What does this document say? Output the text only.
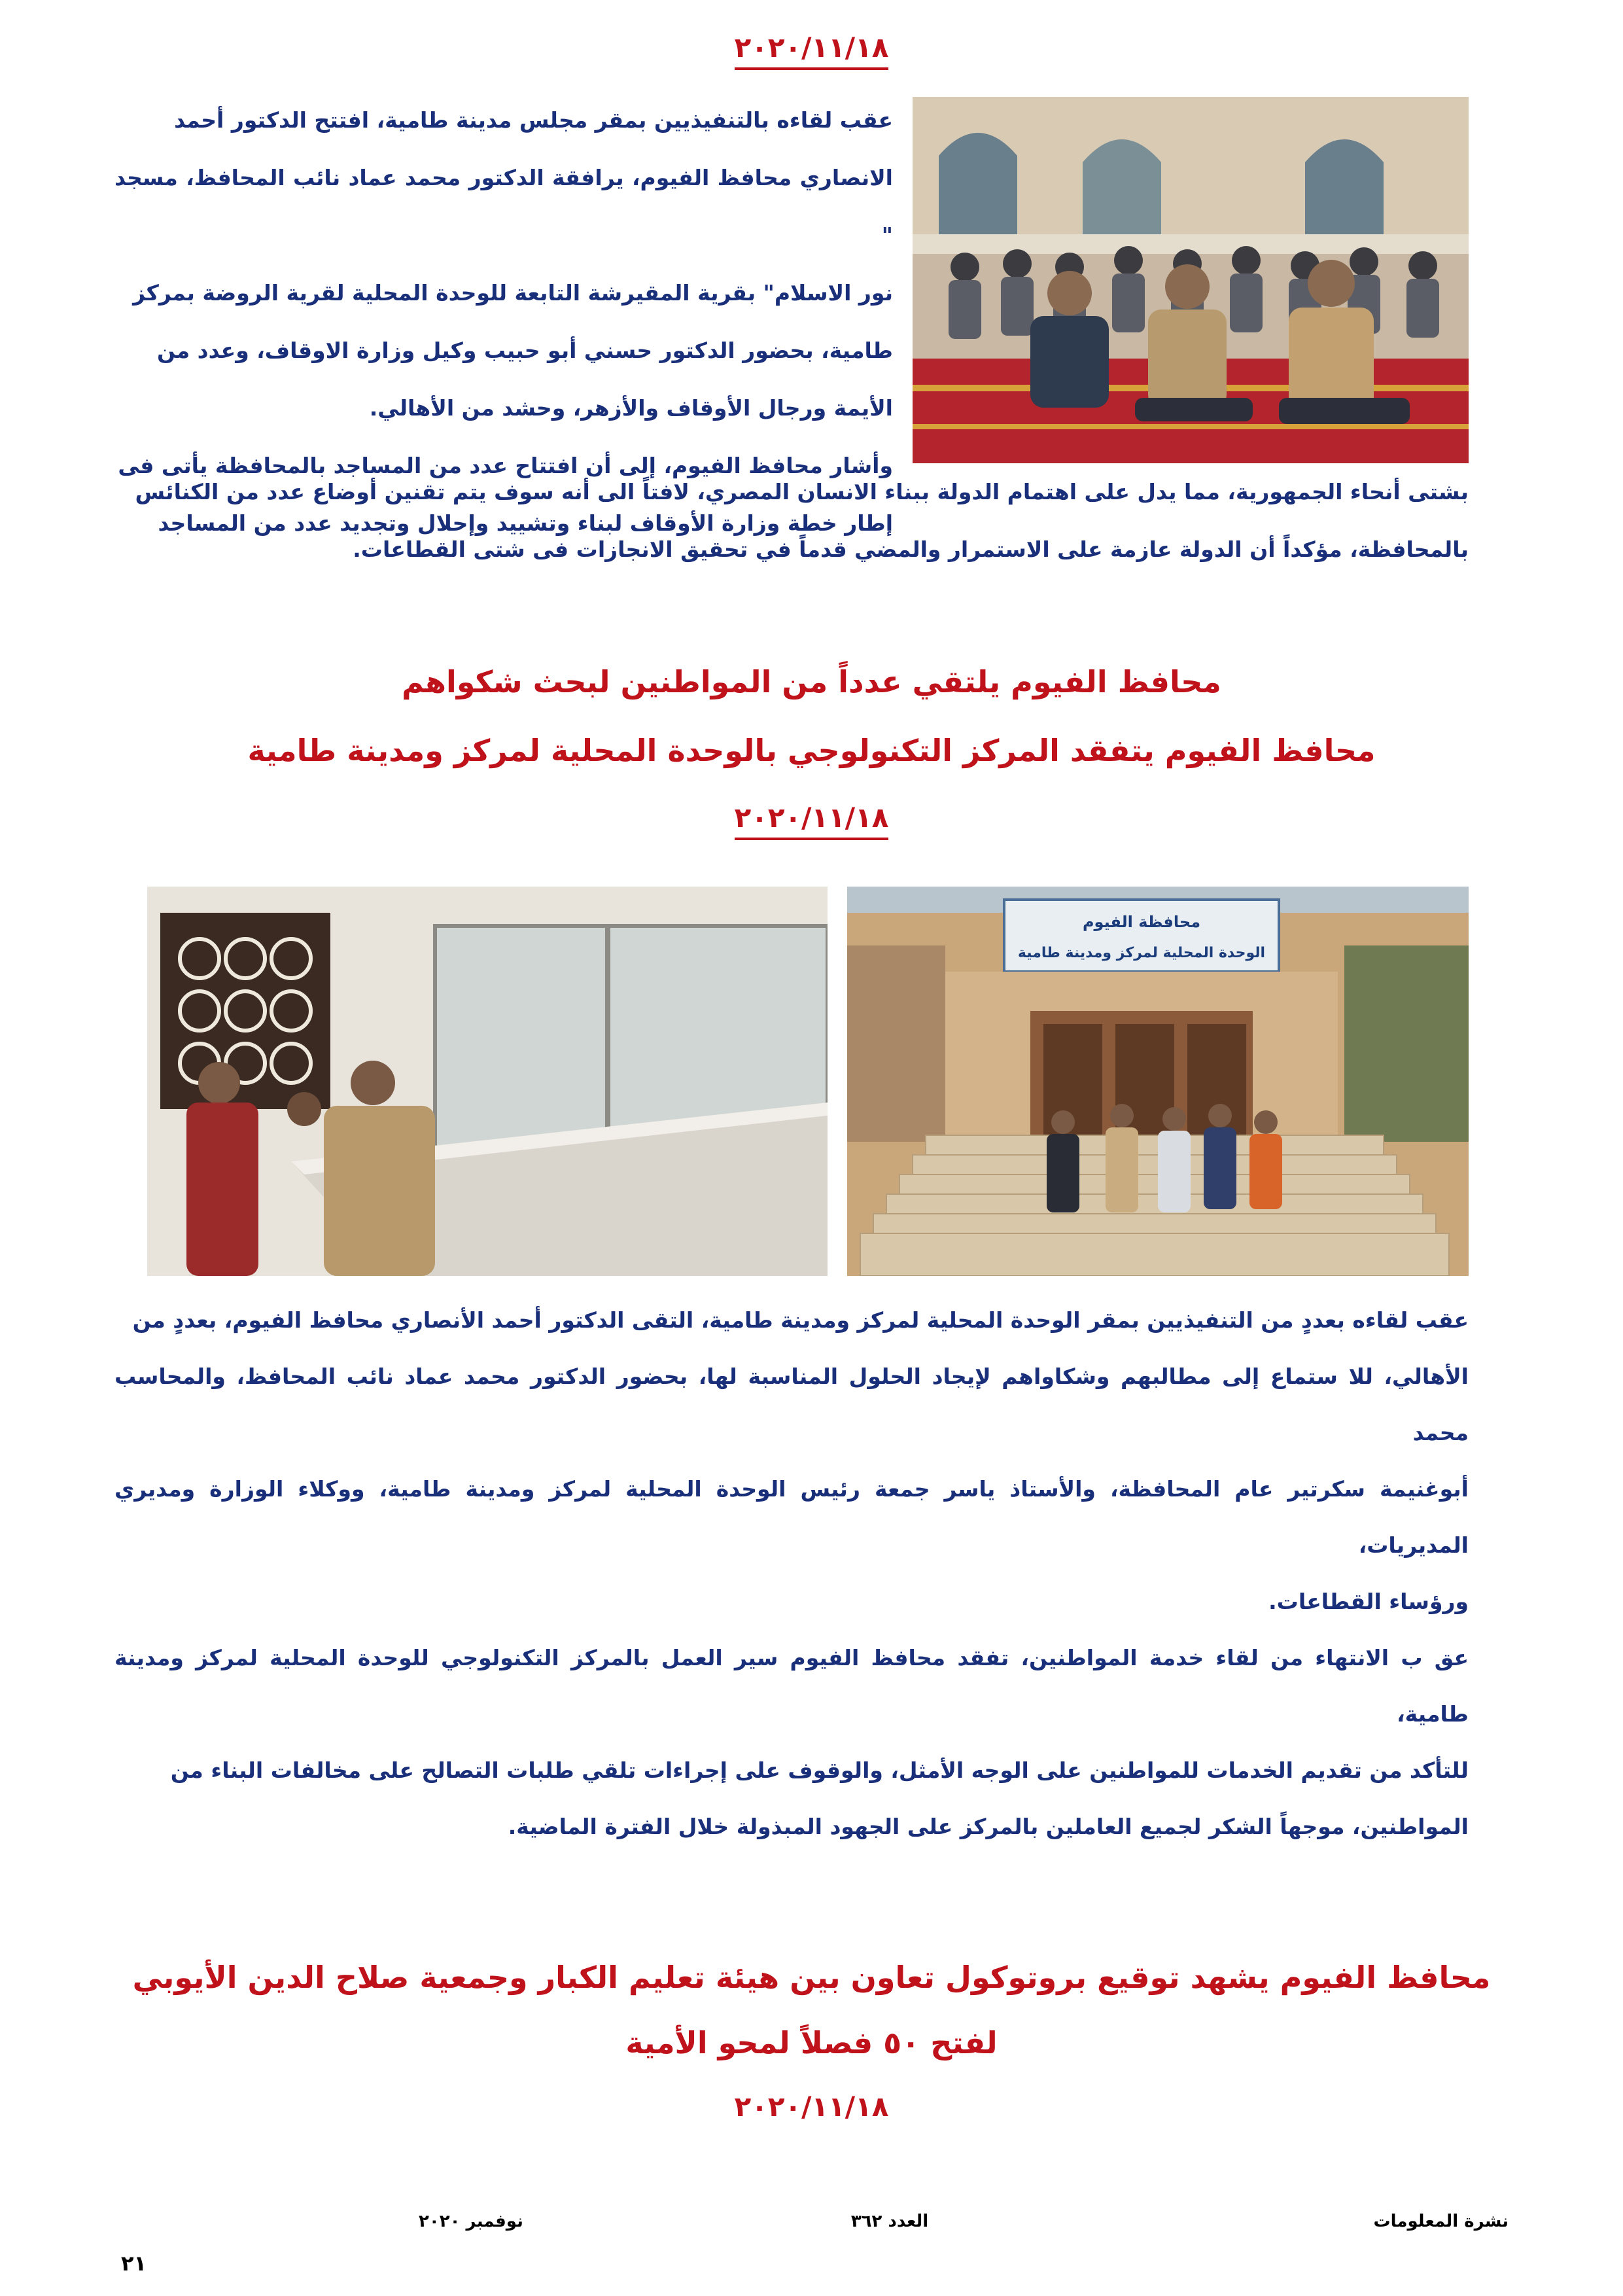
٢٠٢٠/١١/١٨

عقب لقاءه بالتنفيذيين بمقر مجلس مدينة طامية، افتتح الدكتور أحمد

الانصاري محافظ الفيوم، يرافقة الدكتور محمد عماد نائب المحافظ، مسجد "

نور الاسلام" بقرية المقيرشة التابعة للوحدة المحلية لقرية الروضة بمركز

طامية، بحضور الدكتور حسني أبو حبيب وكيل وزارة الاوقاف، وعدد من

الأيمة ورجال الأوقاف والأزهر، وحشد من الأهالي.

وأشار محافظ الفيوم، إلى أن افتتاح عدد من المساجد بالمحافظة يأتى فى

إطار خطة وزارة الأوقاف لبناء وتشييد وإحلال وتجديد عدد من المساجد

بشتى أنحاء الجمهورية، مما يدل على اهتمام الدولة ببناء الانسان المصري، لافتاً الى أنه سوف يتم تقنين أوضاع عدد من الكنائس

بالمحافظة، مؤكداً أن الدولة عازمة على الاستمرار والمضي قدماً في تحقيق الانجازات فى شتى القطاعات.

محافظ الفيوم يلتقي عدداً من المواطنين لبحث شكواهم
محافظ الفيوم يتفقد المركز التكنولوجي بالوحدة المحلية لمركز ومدينة طامية
٢٠٢٠/١١/١٨
محافظة الفيوم
الوحدة المحلية لمركز ومدينة طامية

عقب لقاءه بعددٍ من التنفيذيين بمقر الوحدة المحلية لمركز ومدينة طامية، التقى الدكتور أحمد الأنصاري محافظ الفيوم، بعددٍ من

الأهالي، للا ستماع إلى مطالبهم وشكاواهم لإيجاد الحلول المناسبة لها، بحضور الدكتور محمد عماد نائب المحافظ، والمحاسب محمد

أبوغنيمة سكرتير عام المحافظة، والأستاذ ياسر جمعة رئيس الوحدة المحلية لمركز ومدينة طامية، ووكلاء الوزارة ومديري المديريات،

ورؤساء القطاعات.

عق ب الانتهاء من لقاء خدمة المواطنين، تفقد محافظ الفيوم سير العمل بالمركز التكنولوجي للوحدة المحلية لمركز ومدينة طامية،

للتأكد من تقديم الخدمات للمواطنين على الوجه الأمثل، والوقوف على إجراءات تلقي طلبات التصالح على مخالفات البناء من

المواطنين، موجهاً الشكر لجميع العاملين بالمركز على الجهود المبذولة خلال الفترة الماضية.

محافظ الفيوم يشهد توقيع بروتوكول تعاون بين هيئة تعليم الكبار وجمعية صلاح الدين الأيوبي
لفتح ٥٠ فصلاً لمحو الأمية
٢٠٢٠/١١/١٨
نشرة المعلومات
العدد ٣٦٢
نوفمبر ٢٠٢٠
٢١
